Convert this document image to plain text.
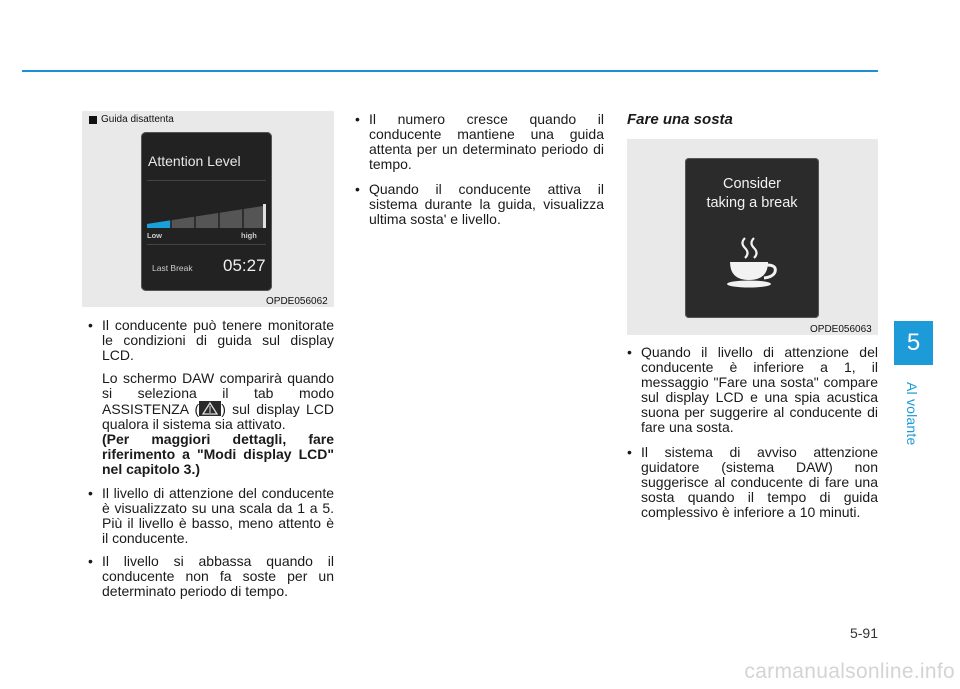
Guida disattenta
Attention Level
Low	high
Last Break 05:27
OPDE056062
• Il conducente può tenere monitorate le condizioni di guida sul display LCD.
Lo schermo DAW comparirà quando si seleziona il tab modo ASSISTENZA ( ) sul display LCD qualora il sistema sia attivato.
(Per maggiori dettagli, fare riferimento a "Modi display LCD" nel capitolo 3.)
• Il livello di attenzione del conducente è visualizzato su una scala da 1 a 5. Più il livello è basso, meno attento è il conducente.
• Il livello si abbassa quando il conducente non fa soste per un determinato periodo di tempo.
• Il numero cresce quando il conducente mantiene una guida attenta per un determinato periodo di tempo.
• Quando il conducente attiva il sistema durante la guida, visualizza ultima sosta' e livello.
Fare una sosta
Consider
taking a break
OPDE056063
• Quando il livello di attenzione del conducente è inferiore a 1, il messaggio "Fare una sosta" compare sul display LCD e una spia acustica suona per suggerire al conducente di fare una sosta.
• Il sistema di avviso attenzione guidatore (sistema DAW) non suggerisce al conducente di fare una sosta quando il tempo di guida complessivo è inferiore a 10 minuti.
5
Al volante
5-91
carmanualsonline.info
